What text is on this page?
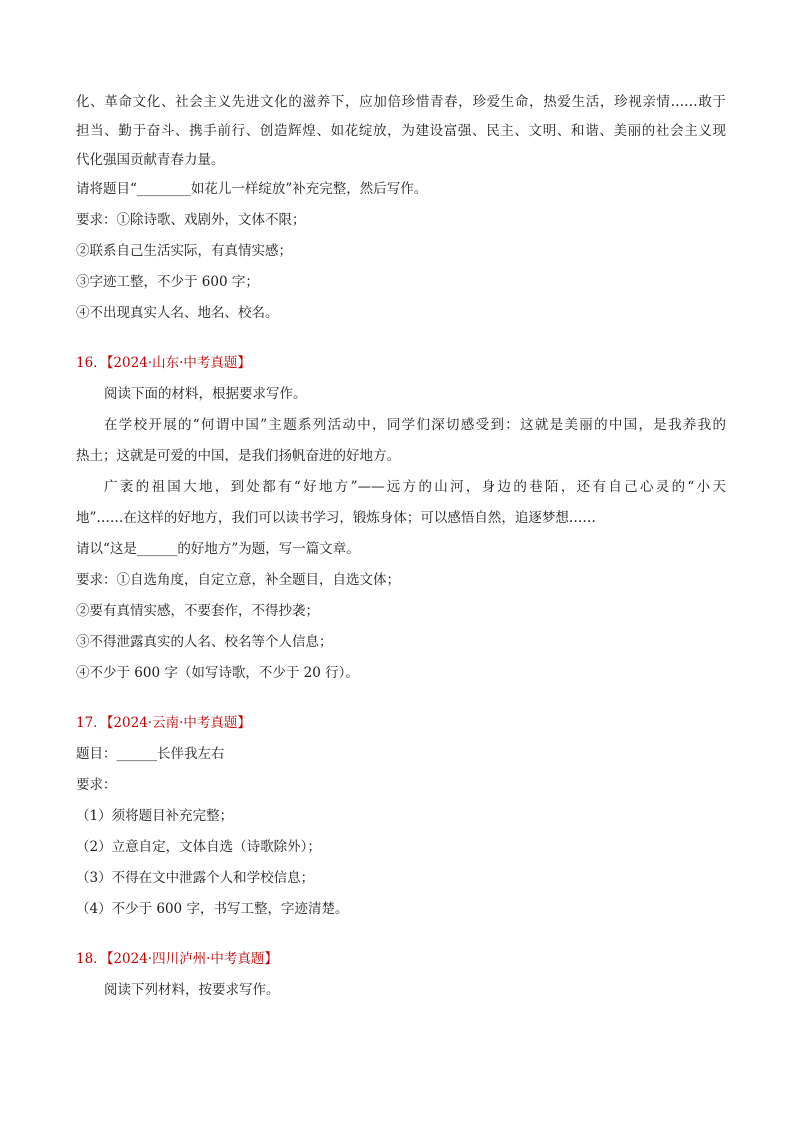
化、革命文化、社会主义先进文化的滋养下，应加倍珍惜青春，珍爱生命，热爱生活，珍视亲情……敢于
担当、勤于奋斗、携手前行、创造辉煌、如花绽放，为建设富强、民主、文明、和谐、美丽的社会主义现
代化强国贡献青春力量。
请将题目“________如花儿一样绽放”补充完整，然后写作。
要求：①除诗歌、戏剧外，文体不限；
②联系自己生活实际，有真情实感；
③字迹工整，不少于 600 字；
④不出现真实人名、地名、校名。
16．【2024·山东·中考真题】
阅读下面的材料，根据要求写作。
在学校开展的“何谓中国”主题系列活动中，同学们深切感受到：这就是美丽的中国，是我养我的
热土；这就是可爱的中国，是我们扬帆奋进的好地方。
广袤的祖国大地，到处都有“好地方”——远方的山河，身边的巷陌，还有自己心灵的“小天
地”……在这样的好地方，我们可以读书学习，锻炼身体；可以感悟自然，追逐梦想……
请以“这是______的好地方”为题，写一篇文章。
要求：①自选角度，自定立意，补全题目，自选文体；
②要有真情实感，不要套作，不得抄袭；
③不得泄露真实的人名、校名等个人信息；
④不少于 600 字（如写诗歌，不少于 20 行）。
17．【2024·云南·中考真题】
题目：______长伴我左右
要求：
（1）须将题目补充完整；
（2）立意自定，文体自选（诗歌除外）；
（3）不得在文中泄露个人和学校信息；
（4）不少于 600 字，书写工整，字迹清楚。
18．【2024·四川泸州·中考真题】
阅读下列材料，按要求写作。
